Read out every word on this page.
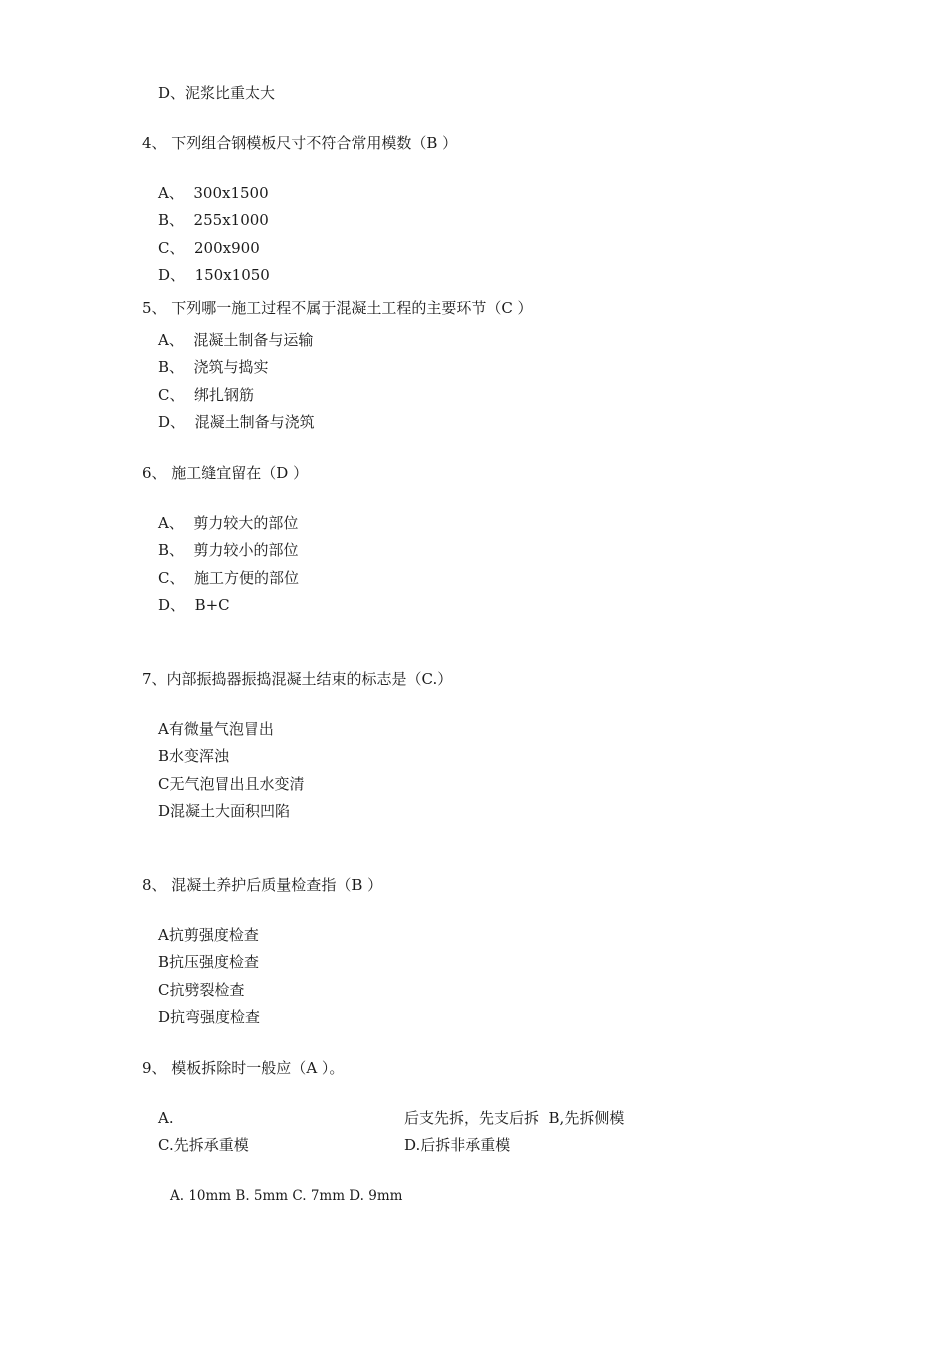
D、泥浆比重太大
4、 下列组合钢模板尺寸不符合常用模数（B ）
A、  300x1500
B、  255x1000
C、  200x900
D、  150x1050
5、 下列哪一施工过程不属于混凝土工程的主要环节（C ）
A、  混凝土制备与运输
B、  浇筑与捣实
C、  绑扎钢筋
D、  混凝土制备与浇筑
6、 施工缝宜留在（D ）
A、  剪力较大的部位
B、  剪力较小的部位
C、  施工方便的部位
D、  B+C
7、内部振捣器振捣混凝土结束的标志是（C.）
A有微量气泡冒出
B水变浑浊
C无气泡冒出且水变清
D混凝土大面积凹陷
8、 混凝土养护后质量检查指（B ）
A抗剪强度检查
B抗压强度检查
C抗劈裂检查
D抗弯强度检查
9、 模板拆除时一般应（A ）。
A.	后支先拆，先支后拆  B,先拆侧模
C.先拆承重模	D.后拆非承重模
A. 10mm B. 5mm C. 7mm D. 9mm
